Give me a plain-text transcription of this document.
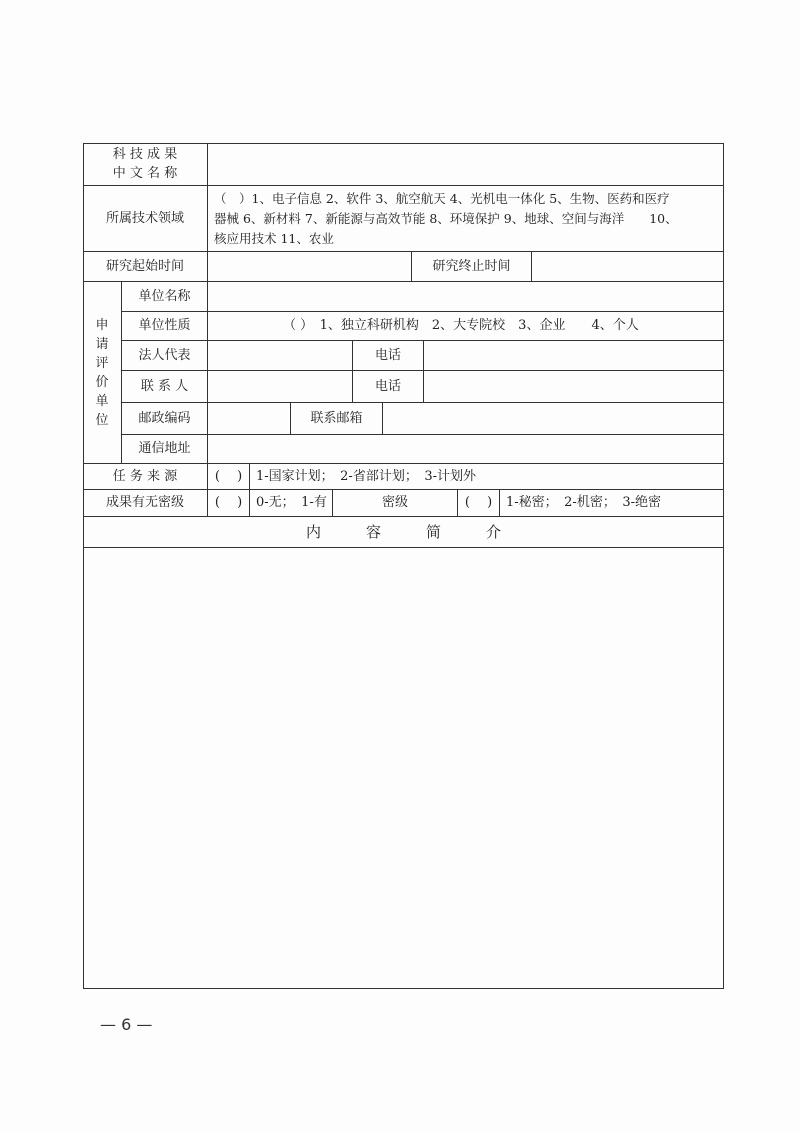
科 技 成 果
中 文 名 称
所属技术领域
（　）1、电子信息 2、软件 3、航空航天 4、光机电一体化 5、生物、医药和医疗
器械 6、新材料 7、新能源与高效节能 8、环境保护 9、地球、空间与海洋　　10、
核应用技术 11、农业
研究起始时间	研究终止时间
申
请
评
价
单
位
单位名称
单位性质	（ ）　1、独立科研机构　2、大专院校　3、企业　　4、个人
法人代表	电话
联 系 人	电话
邮政编码	联系邮箱
通信地址
任 务 来 源	(　 ) 1-国家计划；　2-省部计划；　3-计划外
成果有无密级 (　 ) 0-无；　1-有	密级	(　 ) 1-秘密；　2-机密；　3-绝密
内　　　容　　　简　　　介
— 6 —
